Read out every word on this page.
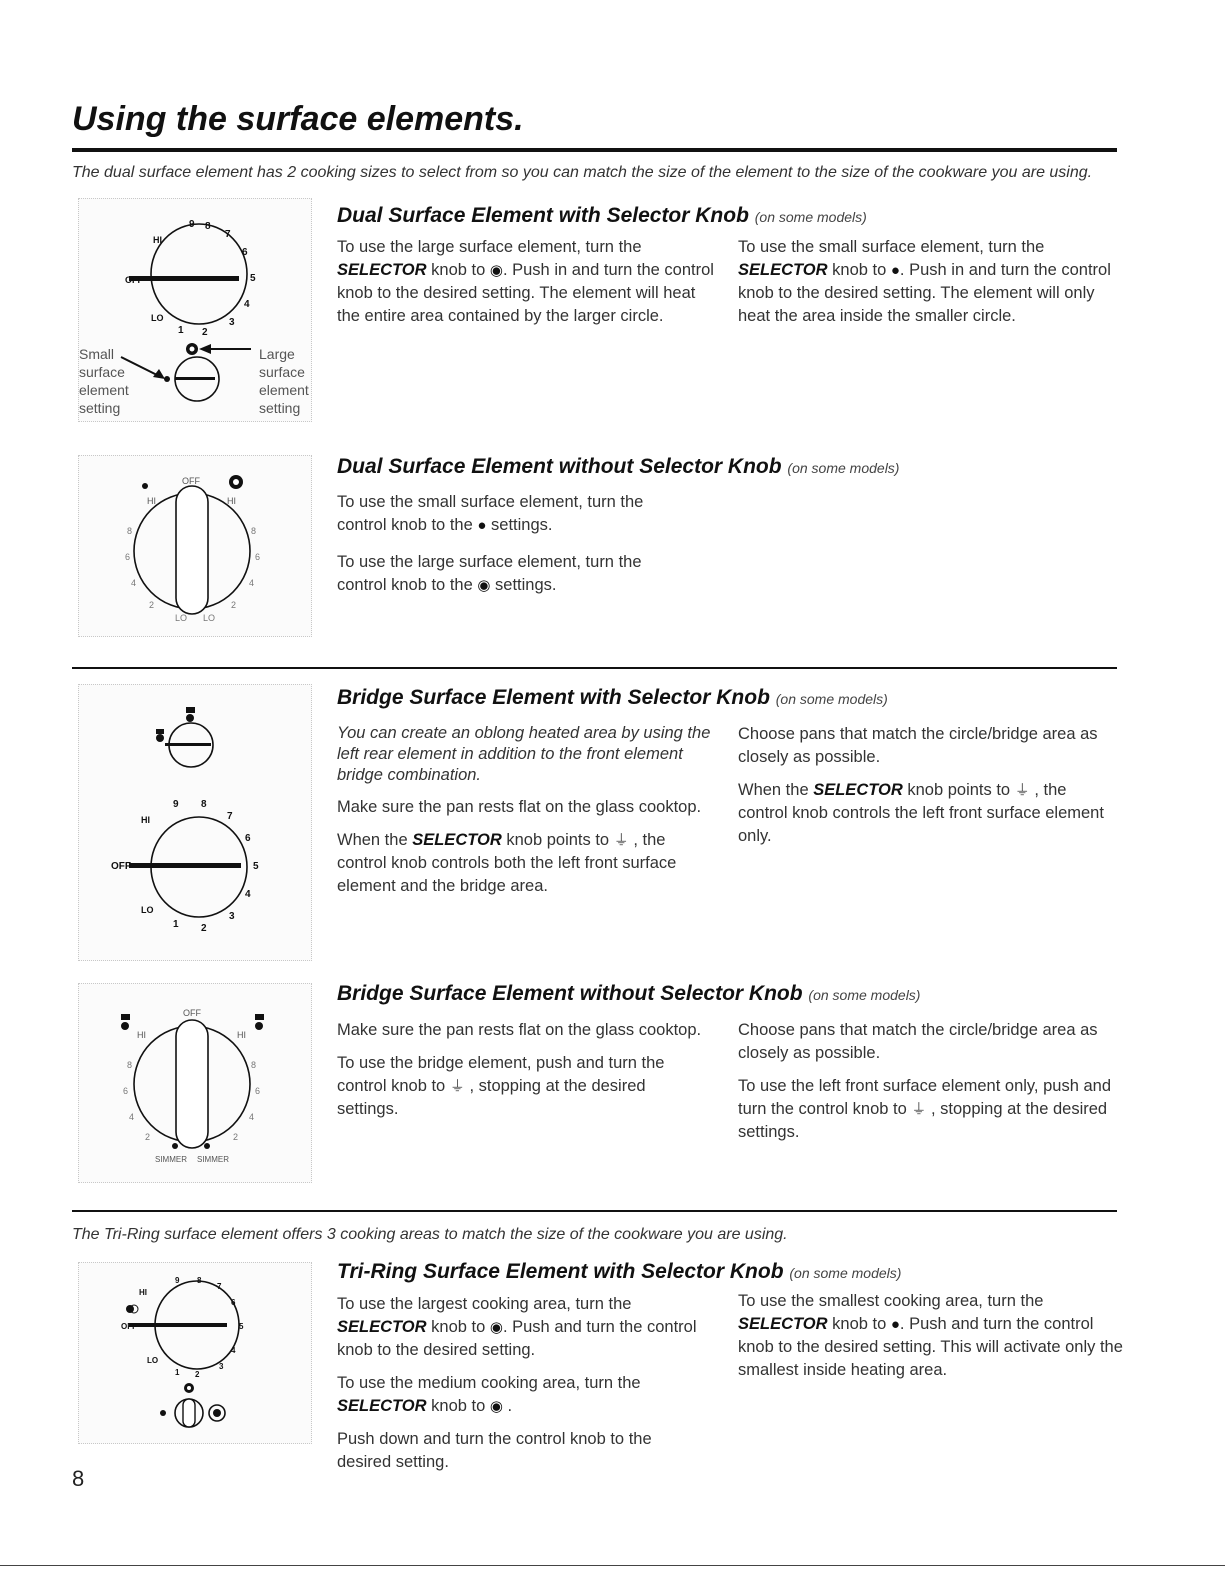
Using the surface elements.
The dual surface element has 2 cooking sizes to select from so you can match the size of the element to the size of the cookware you are using.
OFF
9 8
7
6
5
4
3
2
1
LO
HI
Small
surface
element
setting
Large
surface
element
setting
Dual Surface Element with Selector Knob (on some models)

To use the large surface element, turn the SELECTOR knob to ◉. Push in and turn the control knob to the desired setting. The element will heat the entire area contained by the larger circle.

To use the small surface element, turn the SELECTOR knob to ●. Push in and turn the control knob to the desired setting. The element will only heat the area inside the smaller circle.

OFF
HI	HI
8	8
6	6
4	4
2	2
LO LO
Dual Surface Element without Selector Knob (on some models)

To use the small surface element, turn the control knob to the ● settings.

To use the large surface element, turn the control knob to the ◉ settings.

OFF
9 8
7
6
5
4
3
2
1
LO
HI
Bridge Surface Element with Selector Knob (on some models)

You can create an oblong heated area by using the left rear element in addition to the front element bridge combination.

Make sure the pan rests flat on the glass cooktop.

When the SELECTOR knob points to ⏚ , the control knob controls both the left front surface element and the bridge area.

Choose pans that match the circle/bridge area as closely as possible.

When the SELECTOR knob points to ⏚ , the control knob controls the left front surface element only.

OFF
HI	HI
8	8
6	6
4	4
2	2
SIMMER SIMMER
Bridge Surface Element without Selector Knob (on some models)

Make sure the pan rests flat on the glass cooktop.

To use the bridge element, push and turn the control knob to ⏚ , stopping at the desired settings.

Choose pans that match the circle/bridge area as closely as possible.

To use the left front surface element only, push and turn the control knob to ⏚ , stopping at the desired settings.

The Tri-Ring surface element offers 3 cooking areas to match the size of the cookware you are using.
OFF
9 8
7
6
5
4
3
2
1
LO
HI
Tri-Ring Surface Element with Selector Knob (on some models)

To use the largest cooking area, turn the SELECTOR knob to ◉. Push and turn the control knob to the desired setting.

To use the medium cooking area, turn the SELECTOR knob to ◉ .

Push down and turn the control knob to the desired setting.

To use the smallest cooking area, turn the SELECTOR knob to ●. Push and turn the control knob to the desired setting. This will activate only the smallest inside heating area.

8
